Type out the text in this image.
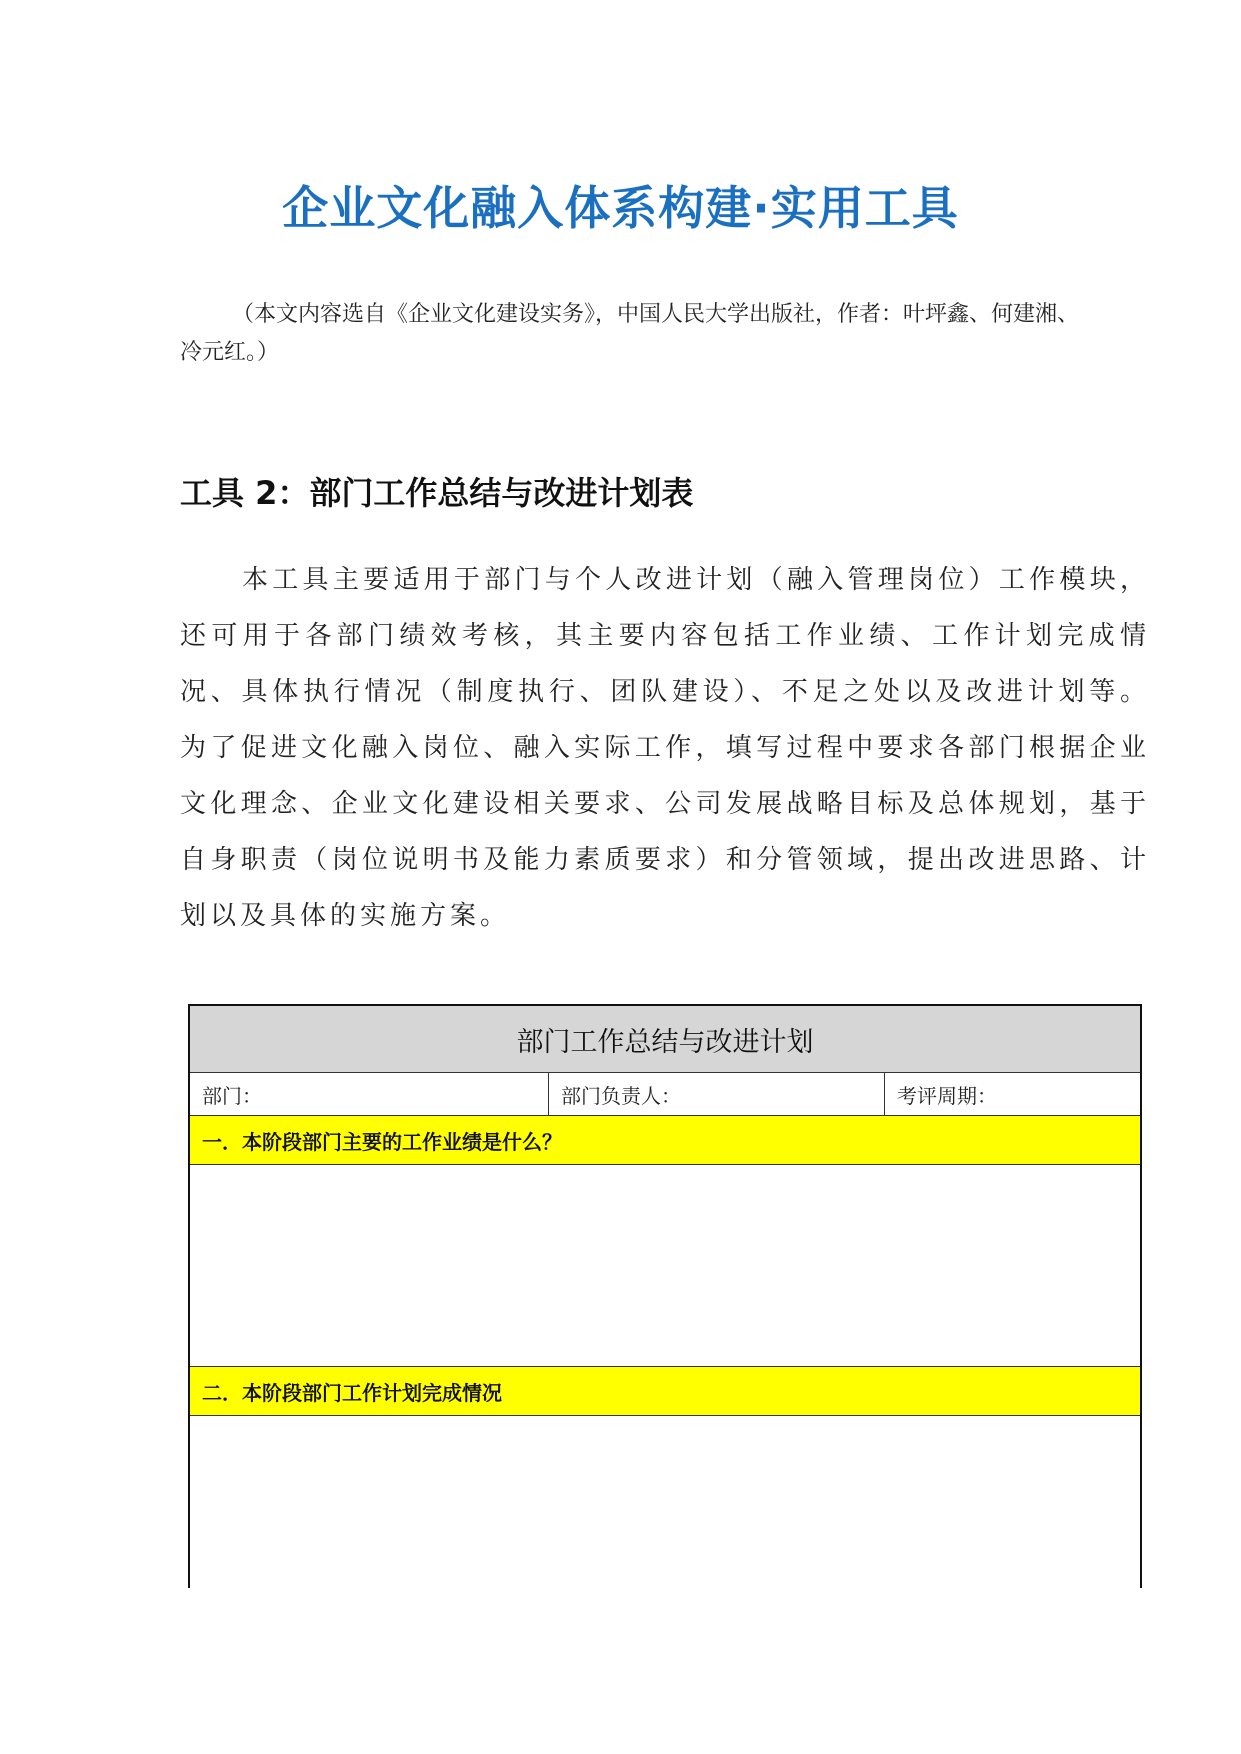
企业文化融入体系构建·实用工具
（本文内容选自《企业文化建设实务》，中国人民大学出版社，作者：叶坪鑫、何建湘、冷元红。）
工具 2：部门工作总结与改进计划表
本工具主要适用于部门与个人改进计划（融入管理岗位）工作模块，还可用于各部门绩效考核，其主要内容包括工作业绩、工作计划完成情况、具体执行情况（制度执行、团队建设）、不足之处以及改进计划等。为了促进文化融入岗位、融入实际工作，填写过程中要求各部门根据企业文化理念、企业文化建设相关要求、公司发展战略目标及总体规划，基于自身职责（岗位说明书及能力素质要求）和分管领域，提出改进思路、计划以及具体的实施方案。
部门工作总结与改进计划
部门：	部门负责人：	考评周期：
一．本阶段部门主要的工作业绩是什么？
二．本阶段部门工作计划完成情况
